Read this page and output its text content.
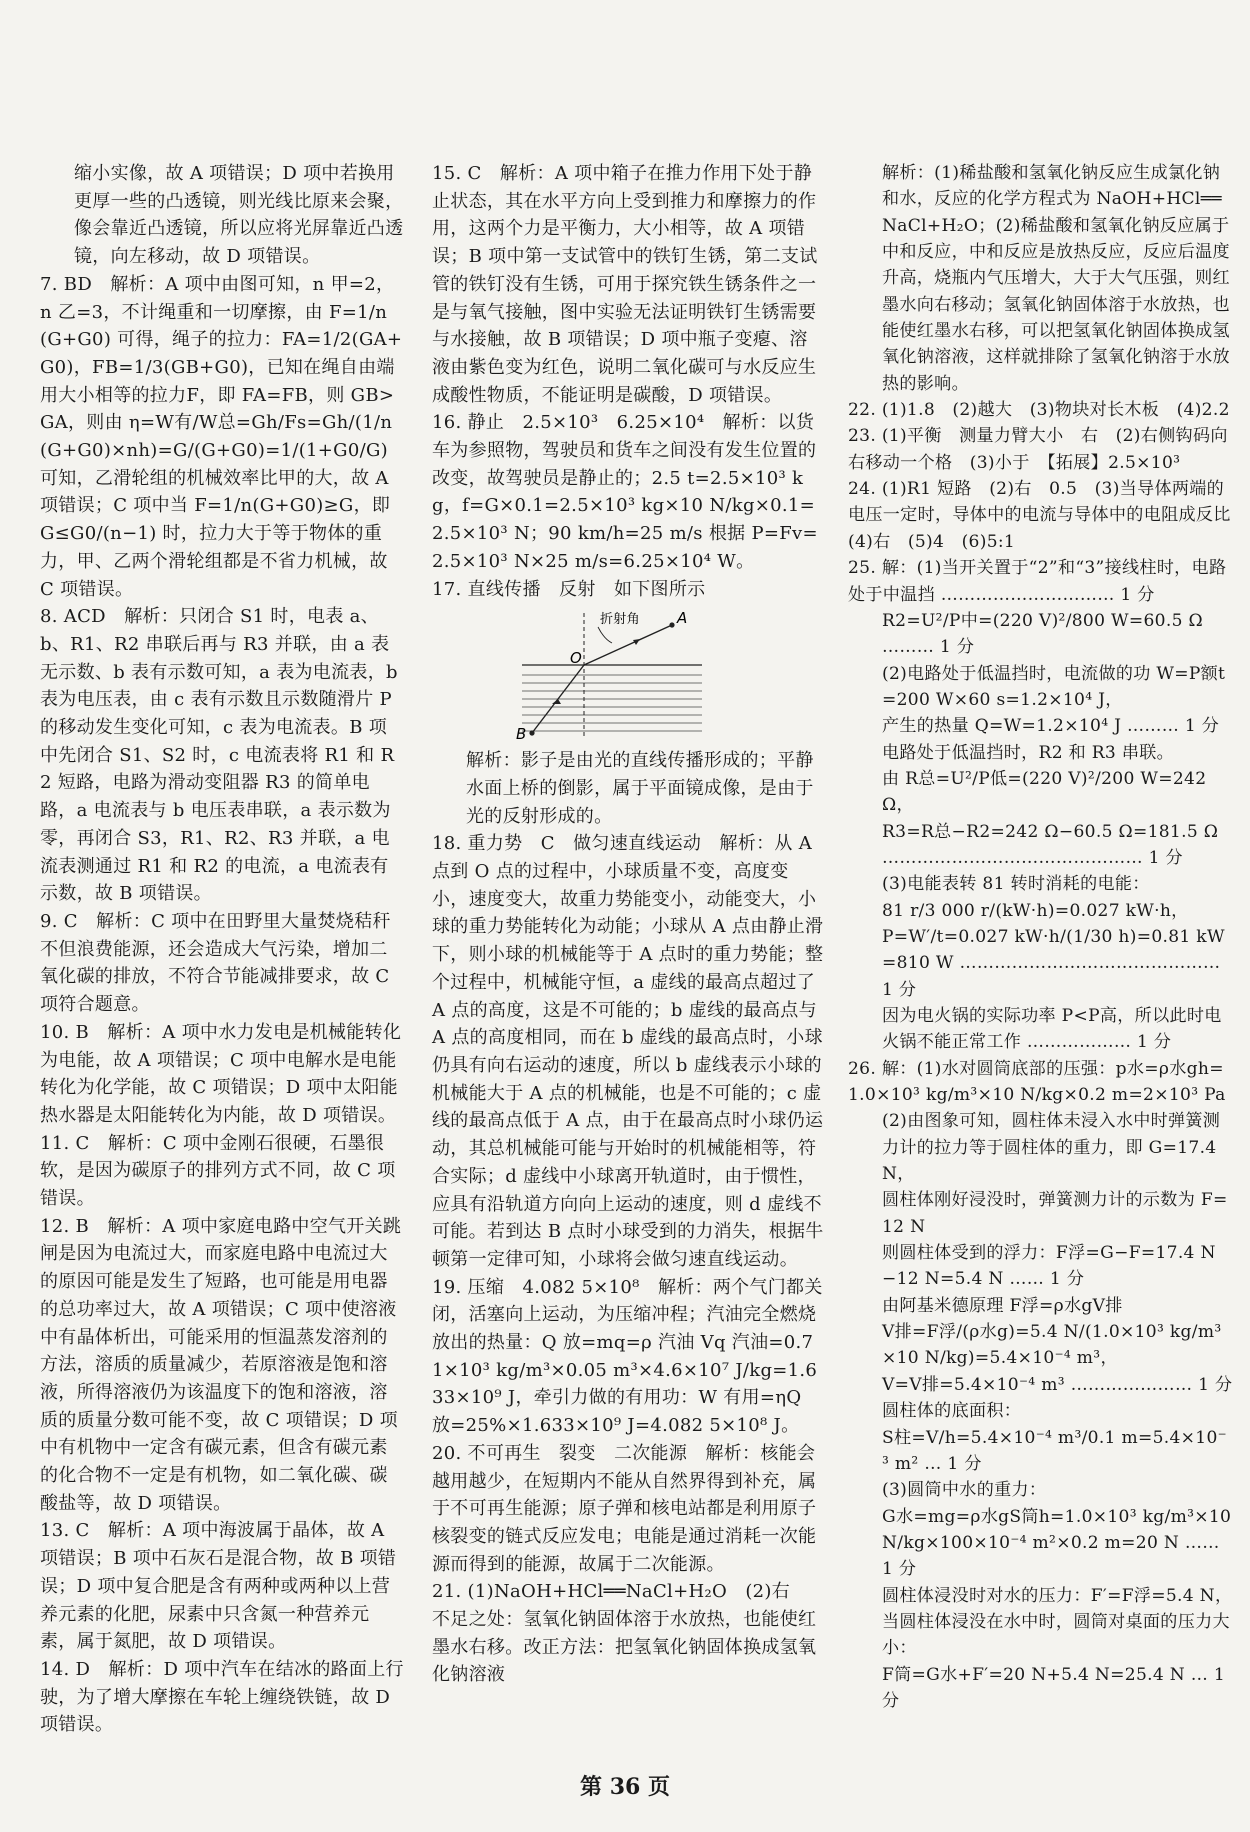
缩小实像，故 A 项错误；D 项中若换用更厚一些的凸透镜，则光线比原来会聚，像会靠近凸透镜，所以应将光屏靠近凸透镜，向左移动，故 D 项错误。

7. BD　解析：A 项中由图可知，n 甲=2，n 乙=3，不计绳重和一切摩擦，由 F=1/n(G+G0) 可得，绳子的拉力：FA=1/2(GA+G0)，FB=1/3(GB+G0)，已知在绳自由端用大小相等的拉力F，即 FA=FB，则 GB>GA，则由 η=W有/W总=Gh/Fs=Gh/(1/n(G+G0)×nh)=G/(G+G0)=1/(1+G0/G) 可知，乙滑轮组的机械效率比甲的大，故 A 项错误；C 项中当 F=1/n(G+G0)≥G，即 G≤G0/(n−1) 时，拉力大于等于物体的重力，甲、乙两个滑轮组都是不省力机械，故 C 项错误。

8. ACD　解析：只闭合 S1 时，电表 a、b、R1、R2 串联后再与 R3 并联，由 a 表无示数、b 表有示数可知，a 表为电流表，b 表为电压表，由 c 表有示数且示数随滑片 P 的移动发生变化可知，c 表为电流表。B 项中先闭合 S1、S2 时，c 电流表将 R1 和 R2 短路，电路为滑动变阻器 R3 的简单电路，a 电流表与 b 电压表串联，a 表示数为零，再闭合 S3，R1、R2、R3 并联，a 电流表测通过 R1 和 R2 的电流，a 电流表有示数，故 B 项错误。

9. C　解析：C 项中在田野里大量焚烧秸秆不但浪费能源，还会造成大气污染，增加二氧化碳的排放，不符合节能减排要求，故 C 项符合题意。

10. B　解析：A 项中水力发电是机械能转化为电能，故 A 项错误；C 项中电解水是电能转化为化学能，故 C 项错误；D 项中太阳能热水器是太阳能转化为内能，故 D 项错误。

11. C　解析：C 项中金刚石很硬，石墨很软，是因为碳原子的排列方式不同，故 C 项错误。

12. B　解析：A 项中家庭电路中空气开关跳闸是因为电流过大，而家庭电路中电流过大的原因可能是发生了短路，也可能是用电器的总功率过大，故 A 项错误；C 项中使溶液中有晶体析出，可能采用的恒温蒸发溶剂的方法，溶质的质量减少，若原溶液是饱和溶液，所得溶液仍为该温度下的饱和溶液，溶质的质量分数可能不变，故 C 项错误；D 项中有机物中一定含有碳元素，但含有碳元素的化合物不一定是有机物，如二氧化碳、碳酸盐等，故 D 项错误。

13. C　解析：A 项中海波属于晶体，故 A 项错误；B 项中石灰石是混合物，故 B 项错误；D 项中复合肥是含有两种或两种以上营养元素的化肥，尿素中只含氮一种营养元素，属于氮肥，故 D 项错误。

14. D　解析：D 项中汽车在结冰的路面上行驶，为了增大摩擦在车轮上缠绕铁链，故 D 项错误。

15. C　解析：A 项中箱子在推力作用下处于静止状态，其在水平方向上受到推力和摩擦力的作用，这两个力是平衡力，大小相等，故 A 项错误；B 项中第一支试管中的铁钉生锈，第二支试管的铁钉没有生锈，可用于探究铁生锈条件之一是与氧气接触，图中实验无法证明铁钉生锈需要与水接触，故 B 项错误；D 项中瓶子变瘪、溶液由紫色变为红色，说明二氧化碳可与水反应生成酸性物质，不能证明是碳酸，D 项错误。

16. 静止　2.5×10³　6.25×10⁴　解析：以货车为参照物，驾驶员和货车之间没有发生位置的改变，故驾驶员是静止的；2.5 t=2.5×10³ kg，f=G×0.1=2.5×10³ kg×10 N/kg×0.1=2.5×10³ N；90 km/h=25 m/s 根据 P=Fv=2.5×10³ N×25 m/s=6.25×10⁴ W。

17. 直线传播　反射　如下图所示

A
O
B
折射角

解析：影子是由光的直线传播形成的；平静水面上桥的倒影，属于平面镜成像，是由于光的反射形成的。

18. 重力势　C　做匀速直线运动　解析：从 A 点到 O 点的过程中，小球质量不变，高度变小，速度变大，故重力势能变小，动能变大，小球的重力势能转化为动能；小球从 A 点由静止滑下，则小球的机械能等于 A 点时的重力势能；整个过程中，机械能守恒，a 虚线的最高点超过了 A 点的高度，这是不可能的；b 虚线的最高点与 A 点的高度相同，而在 b 虚线的最高点时，小球仍具有向右运动的速度，所以 b 虚线表示小球的机械能大于 A 点的机械能，也是不可能的；c 虚线的最高点低于 A 点，由于在最高点时小球仍运动，其总机械能可能与开始时的机械能相等，符合实际；d 虚线中小球离开轨道时，由于惯性，应具有沿轨道方向向上运动的速度，则 d 虚线不可能。若到达 B 点时小球受到的力消失，根据牛顿第一定律可知，小球将会做匀速直线运动。

19. 压缩　4.082 5×10⁸　解析：两个气门都关闭，活塞向上运动，为压缩冲程；汽油完全燃烧放出的热量：Q 放=mq=ρ 汽油 Vq 汽油=0.71×10³ kg/m³×0.05 m³×4.6×10⁷ J/kg=1.633×10⁹ J，牵引力做的有用功：W 有用=ηQ 放=25%×1.633×10⁹ J=4.082 5×10⁸ J。

20. 不可再生　裂变　二次能源　解析：核能会越用越少，在短期内不能从自然界得到补充，属于不可再生能源；原子弹和核电站都是利用原子核裂变的链式反应发电；电能是通过消耗一次能源而得到的能源，故属于二次能源。

21. (1)NaOH+HCl══NaCl+H₂O　(2)右　不足之处：氢氧化钠固体溶于水放热，也能使红墨水右移。改正方法：把氢氧化钠固体换成氢氧化钠溶液

解析：(1)稀盐酸和氢氧化钠反应生成氯化钠和水，反应的化学方程式为 NaOH+HCl══NaCl+H₂O；(2)稀盐酸和氢氧化钠反应属于中和反应，中和反应是放热反应，反应后温度升高，烧瓶内气压增大，大于大气压强，则红墨水向右移动；氢氧化钠固体溶于水放热，也能使红墨水右移，可以把氢氧化钠固体换成氢氧化钠溶液，这样就排除了氢氧化钠溶于水放热的影响。

22. (1)1.8　(2)越大　(3)物块对长木板　(4)2.2

23. (1)平衡　测量力臂大小　右　(2)右侧钩码向右移动一个格　(3)小于　【拓展】2.5×10³

24. (1)R1 短路　(2)右　0.5　(3)当导体两端的电压一定时，导体中的电流与导体中的电阻成反比　(4)右　(5)4　(6)5:1

25. 解：(1)当开关置于“2”和“3”接线柱时，电路处于中温挡 ………………………… 1 分

R2=U²/P中=(220 V)²/800 W=60.5 Ω ……… 1 分

(2)电路处于低温挡时，电流做的功 W=P额t=200 W×60 s=1.2×10⁴ J，

产生的热量 Q=W=1.2×10⁴ J ……… 1 分

电路处于低温挡时，R2 和 R3 串联。

由 R总=U²/P低=(220 V)²/200 W=242 Ω，

R3=R总−R2=242 Ω−60.5 Ω=181.5 Ω ……………………………………… 1 分

(3)电能表转 81 转时消耗的电能：

81 r/3 000 r/(kW·h)=0.027 kW·h，

P=W′/t=0.027 kW·h/(1/30 h)=0.81 kW=810 W ……………………………………… 1 分

因为电火锅的实际功率 P<P高，所以此时电火锅不能正常工作 ……………… 1 分

26. 解：(1)水对圆筒底部的压强：p水=ρ水gh=1.0×10³ kg/m³×10 N/kg×0.2 m=2×10³ Pa

(2)由图象可知，圆柱体未浸入水中时弹簧测力计的拉力等于圆柱体的重力，即 G=17.4 N，

圆柱体刚好浸没时，弹簧测力计的示数为 F=12 N

则圆柱体受到的浮力：F浮=G−F=17.4 N−12 N=5.4 N …… 1 分

由阿基米德原理 F浮=ρ水gV排

V排=F浮/(ρ水g)=5.4 N/(1.0×10³ kg/m³×10 N/kg)=5.4×10⁻⁴ m³，

V=V排=5.4×10⁻⁴ m³ ………………… 1 分

圆柱体的底面积：

S柱=V/h=5.4×10⁻⁴ m³/0.1 m=5.4×10⁻³ m² … 1 分

(3)圆筒中水的重力：

G水=mg=ρ水gS筒h=1.0×10³ kg/m³×10 N/kg×100×10⁻⁴ m²×0.2 m=20 N …… 1 分

圆柱体浸没时对水的压力：F′=F浮=5.4 N，当圆柱体浸没在水中时，圆筒对桌面的压力大小：

F筒=G水+F′=20 N+5.4 N=25.4 N … 1 分

第 36 页
